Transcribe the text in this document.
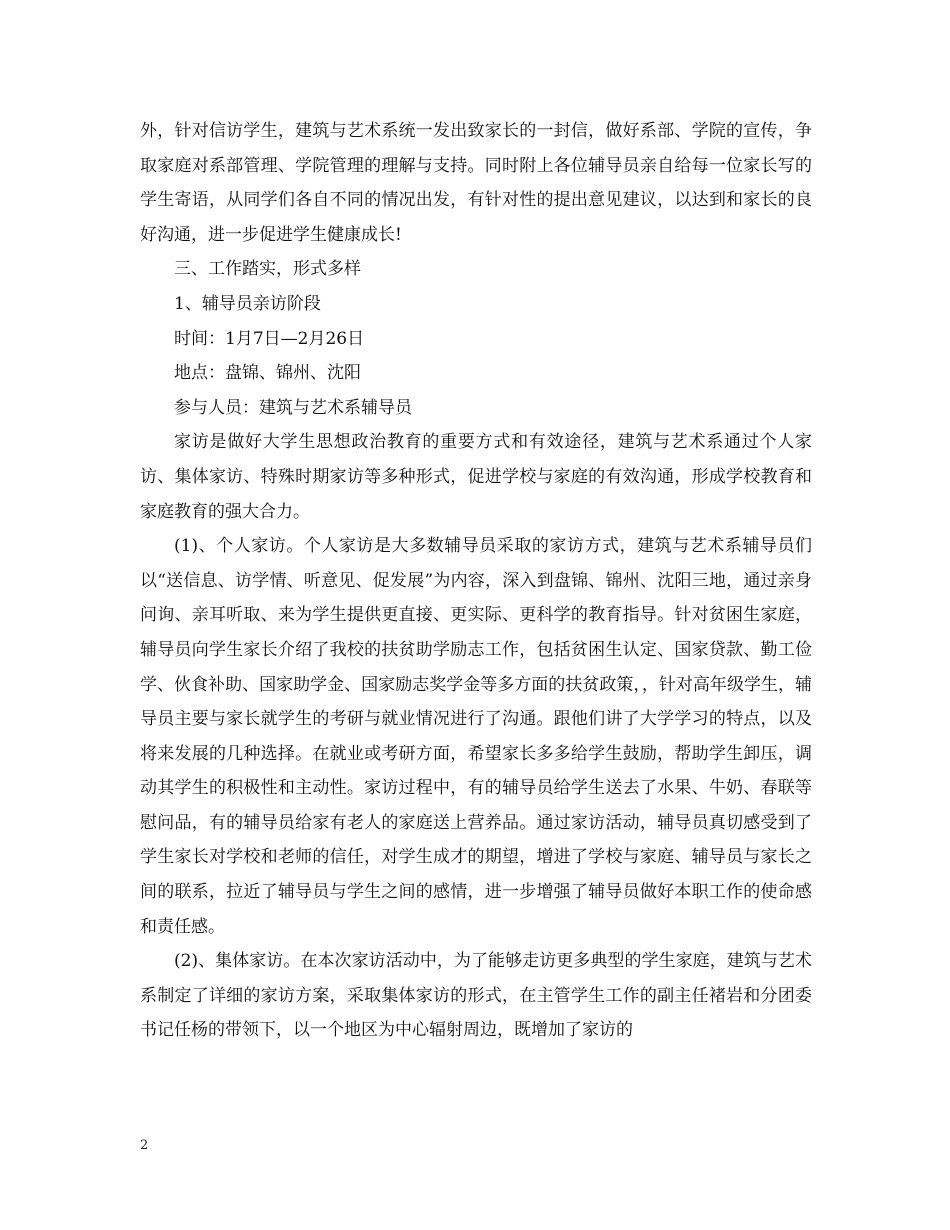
外，针对信访学生，建筑与艺术系统一发出致家长的一封信，做好系部、学院的宣传，争取家庭对系部管理、学院管理的理解与支持。同时附上各位辅导员亲自给每一位家长写的学生寄语，从同学们各自不同的情况出发，有针对性的提出意见建议，以达到和家长的良好沟通，进一步促进学生健康成长!

三、工作踏实，形式多样

1、辅导员亲访阶段

时间：1月7日—2月26日

地点：盘锦、锦州、沈阳

参与人员：建筑与艺术系辅导员

家访是做好大学生思想政治教育的重要方式和有效途径，建筑与艺术系通过个人家访、集体家访、特殊时期家访等多种形式，促进学校与家庭的有效沟通，形成学校教育和家庭教育的强大合力。

(1)、个人家访。个人家访是大多数辅导员采取的家访方式，建筑与艺术系辅导员们以“送信息、访学情、听意见、促发展”为内容，深入到盘锦、锦州、沈阳三地，通过亲身问询、亲耳听取、来为学生提供更直接、更实际、更科学的教育指导。针对贫困生家庭，辅导员向学生家长介绍了我校的扶贫助学励志工作，包括贫困生认定、国家贷款、勤工俭学、伙食补助、国家助学金、国家励志奖学金等多方面的扶贫政策，，针对高年级学生，辅导员主要与家长就学生的考研与就业情况进行了沟通。跟他们讲了大学学习的特点，以及将来发展的几种选择。在就业或考研方面，希望家长多多给学生鼓励，帮助学生卸压，调动其学生的积极性和主动性。家访过程中，有的辅导员给学生送去了水果、牛奶、春联等慰问品，有的辅导员给家有老人的家庭送上营养品。通过家访活动，辅导员真切感受到了学生家长对学校和老师的信任，对学生成才的期望，增进了学校与家庭、辅导员与家长之间的联系，拉近了辅导员与学生之间的感情，进一步增强了辅导员做好本职工作的使命感和责任感。

(2)、集体家访。在本次家访活动中，为了能够走访更多典型的学生家庭，建筑与艺术系制定了详细的家访方案，采取集体家访的形式，在主管学生工作的副主任褚岩和分团委书记任杨的带领下，以一个地区为中心辐射周边，既增加了家访的

2
